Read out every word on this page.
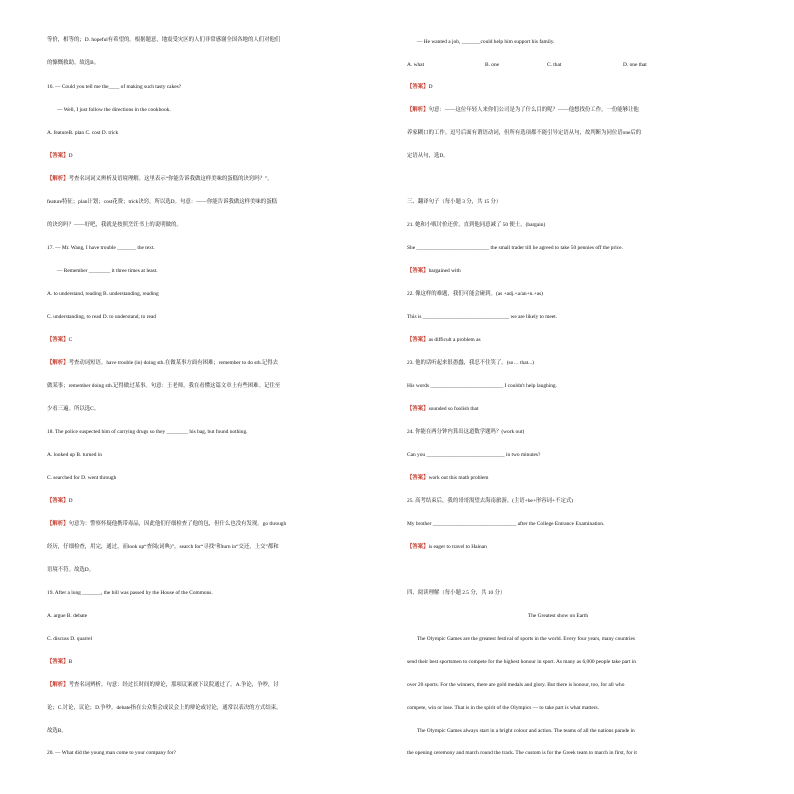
等价，相等的；D. hopeful有希望的。根据题意，地震受灾区的人们非常感谢全国各地的人们对他们
的慷慨救助。故选B。
16. — Could you tell me the____ of making such tasty cakes?
— Well, I just follow the directions in the cookbook.
A. featureB. plan C. cost D. trick
【答案】D
【解析】考查名词词义辨析及语境理解。这里表示“你能告诉我做这样美味的蛋糕的诀窍吗？”。
feature特征；plan计划；cost花费；trick诀窍。所以选D。句意：——你能告诉我做这样美味的蛋糕
的诀窍吗？——好吧，我就是按照烹饪书上的说明做的。
17. — Mr. Wang, I have trouble _______ the text.
— Remember ________ it three times at least.
A. to understand, reading B. understanding, reading
C. understanding, to read D. to understand, to read
【答案】C
【解析】考查动词短语。have trouble (in) doing sth.在做某事方面有困难；remember to do sth.记得去
做某事；remember doing sth.记得做过某事。句意：王老师，我在看懂这篇文章上有些困难。记住至
少看三遍。所以选C。
18. The police suspected him of carrying drugs so they ________ his bag, but found nothing.
A. looked up B. turned in
C. searched for D. went through
【答案】D
【解析】句意为：警察怀疑他携带毒品，因此他们仔细检查了他的包，但什么也没有发现。go through
经历，仔细检查，用完，通过，而look up“查阅(词典)”，search for“寻找”和turn in“交还，上交”都和
语境不符。故选D。
19. After a long _______, the bill was passed by the House of the Commons.
A. argue B. debate
C. discuss D. quarrel
【答案】B
【解析】考查名词辨析。句意：经过长时间的辩论，那项议案被下议院通过了。A.争论，争吵，讨
论；C.讨论，议论；D.争吵。debate指在公众集会或议会上的辩论或讨论，通常以表决的方式结束，
故选B。
20. — What did the young man come to your company for?
— He wanted a job, _______could help him support his family.
A. what	B. one	C. that	D. one that
【答案】D
【解析】句意：——这位年轻人来你们公司是为了什么目的呢？——他想找份工作，一份能够让他
养家糊口的工作。逗号后面有谓语动词，但所有选项都不能引导定语从句，故判断为同位语one后的
定语从句，选D。
三、翻译句子（每小题 3 分，共 15 分）
21. 她和小贩讨价还价，直到他同意减了 50 便士。(bargain)
She ___________________________ the small trader till he agreed to take 50 pennies off the price.
【答案】bargained with
22. 像这样的难题，我们可能会碰到。(as +adj.+a/an+n.+as)
This is ________________________________ we are likely to meet.
【答案】as difficult a problem as
23. 他的话听起来很愚蠢，我忍不住笑了。(so… that...)
His words ___________________________ I couldn't help laughing.
【答案】sounded so foolish that
24. 你能在两分钟内算出这道数学题吗？(work out)
Can you _____________________________ in two minutes?
【答案】work out this math problem
25. 高考结束后，我的哥哥渴望去海南旅游。(主语+be+形容词+不定式)
My brother _______________________________ after the College Entrance Examination.
【答案】is eager to travel to Hainan
四、阅读理解（每小题 2.5 分，共 10 分）
The Greatest show on Earth
The Olympic Games are the greatest festival of sports in the world. Every four years, many countries
send their best sportsmen to compete for the highest honour in sport. As many as 6,000 people take part in
over 20 sports. For the winners, there are gold medals and glory. But there is honour, too, for all who
compete, win or lose. That is in the spirit of the Olympics — to take part is what matters.
The Olympic Games always start in a bright colour and action. The teams of all the nations parade in
the opening ceremony and march round the track. The custom is for the Greek team to march in first, for it
